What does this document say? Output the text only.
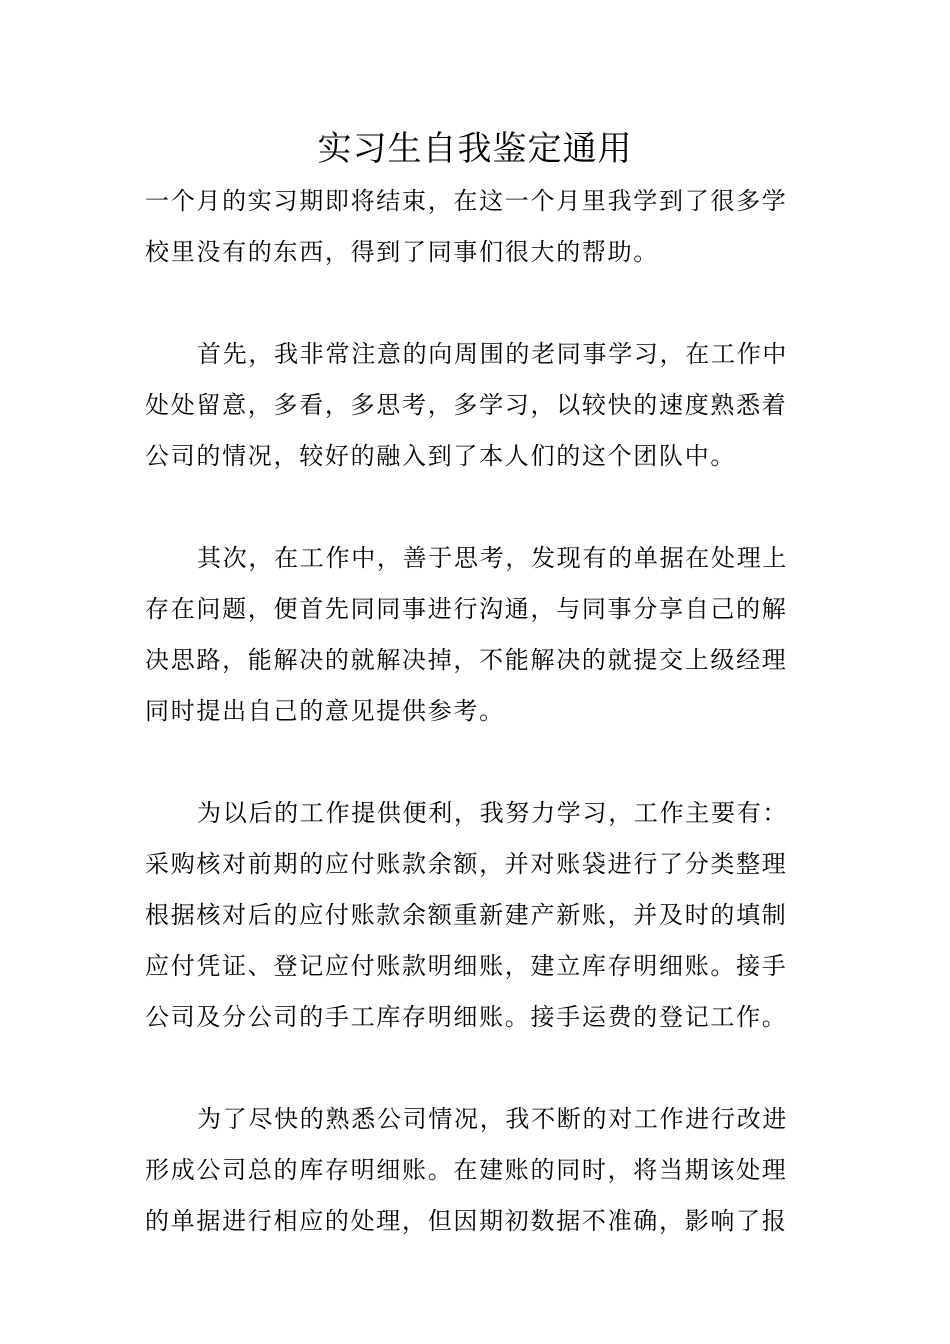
实习生自我鉴定通用
一个月的实习期即将结束，在这一个月里我学到了很多学
校里没有的东西，得到了同事们很大的帮助。
首先，我非常注意的向周围的老同事学习，在工作中
处处留意，多看，多思考，多学习，以较快的速度熟悉着
公司的情况，较好的融入到了本人们的这个团队中。
其次，在工作中，善于思考，发现有的单据在处理上
存在问题，便首先同同事进行沟通，与同事分享自己的解
决思路，能解决的就解决掉，不能解决的就提交上级经理
同时提出自己的意见提供参考。
为以后的工作提供便利，我努力学习，工作主要有：
采购核对前期的应付账款余额，并对账袋进行了分类整理
根据核对后的应付账款余额重新建产新账，并及时的填制
应付凭证、登记应付账款明细账，建立库存明细账。接手
公司及分公司的手工库存明细账。接手运费的登记工作。
为了尽快的熟悉公司情况，我不断的对工作进行改进
形成公司总的库存明细账。在建账的同时，将当期该处理
的单据进行相应的处理，但因期初数据不准确，影响了报
